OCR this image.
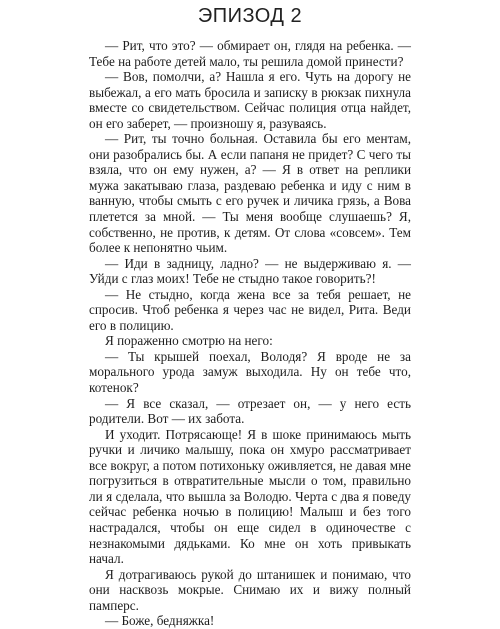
ЭПИЗОД 2

— Рит, что это? — обмирает он, глядя на ребенка. — Тебе на работе детей мало, ты решила домой принести?

— Вов, помолчи, а? Нашла я его. Чуть на дорогу не выбежал, а его мать бросила и записку в рюкзак пихнула вместе со свидетельством. Сейчас полиция отца найдет, он его заберет, — произношу я, разуваясь.

— Рит, ты точно больная. Оставила бы его ментам, они разобрались бы. А если папаня не придет? С чего ты взяла, что он ему нужен, а? — Я в ответ на реплики мужа закатываю глаза, раздеваю ребенка и иду с ним в ванную, чтобы смыть с его ручек и личика грязь, а Вова плетется за мной. — Ты меня вообще слушаешь? Я, собственно, не против, к детям. От слова «совсем». Тем более к непонятно чьим.

— Иди в задницу, ладно? — не выдерживаю я. — Уйди с глаз моих! Тебе не стыдно такое говорить?!

— Не стыдно, когда жена все за тебя решает, не спросив. Чтоб ребенка я через час не видел, Рита. Веди его в полицию.

Я пораженно смотрю на него:

— Ты крышей поехал, Володя? Я вроде не за морального урода замуж выходила. Ну он тебе что, котенок?

— Я все сказал, — отрезает он, — у него есть родители. Вот — их забота.

И уходит. Потрясающе! Я в шоке принимаюсь мыть ручки и личико малышу, пока он хмуро рассматривает все вокруг, а потом потихоньку оживляется, не давая мне погрузиться в отвратительные мысли о том, правильно ли я сделала, что вышла за Володю. Черта с два я поведу сейчас ребенка ночью в полицию! Малыш и без того настрадался, чтобы он еще сидел в одиночестве с незнакомыми дядьками. Ко мне он хоть привыкать начал.

Я дотрагиваюсь рукой до штанишек и понимаю, что они насквозь мокрые. Снимаю их и вижу полный памперс.

— Боже, бедняжка!
